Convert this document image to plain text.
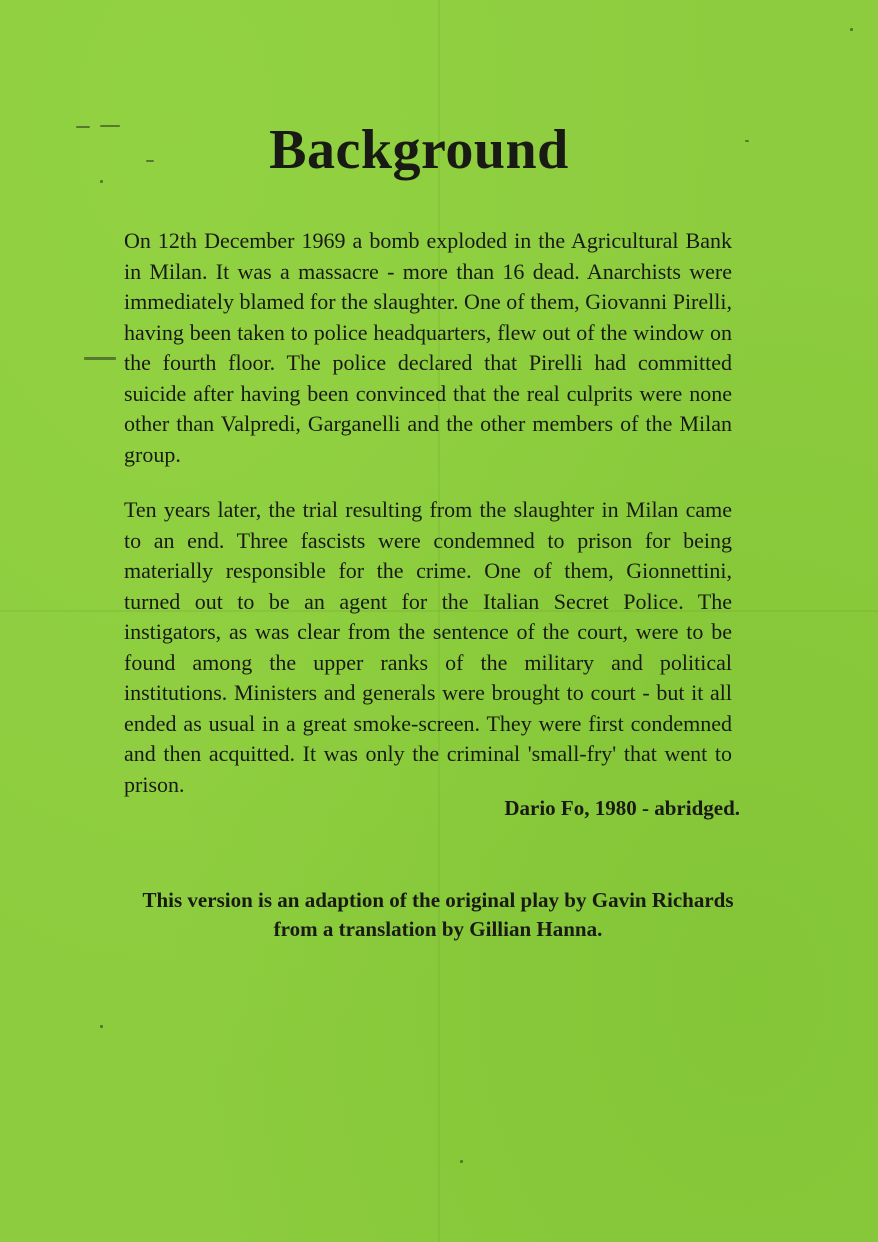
Background

On 12th December 1969 a bomb exploded in the Agricultural Bank in Milan. It was a massacre - more than 16 dead. Anarchists were immediately blamed for the slaughter. One of them, Giovanni Pirelli, having been taken to police headquarters, flew out of the window on the fourth floor. The police declared that Pirelli had committed suicide after having been convinced that the real culprits were none other than Valpredi, Garganelli and the other members of the Milan group.

Ten years later, the trial resulting from the slaughter in Milan came to an end. Three fascists were condemned to prison for being materially responsible for the crime. One of them, Gionnettini, turned out to be an agent for the Italian Secret Police. The instigators, as was clear from the sentence of the court, were to be found among the upper ranks of the military and political institutions. Ministers and generals were brought to court - but it all ended as usual in a great smoke-screen. They were first condemned and then acquitted. It was only the criminal 'small-fry' that went to prison.

Dario Fo, 1980 - abridged.

This version is an adaption of the original play by Gavin Richards from a translation by Gillian Hanna.
